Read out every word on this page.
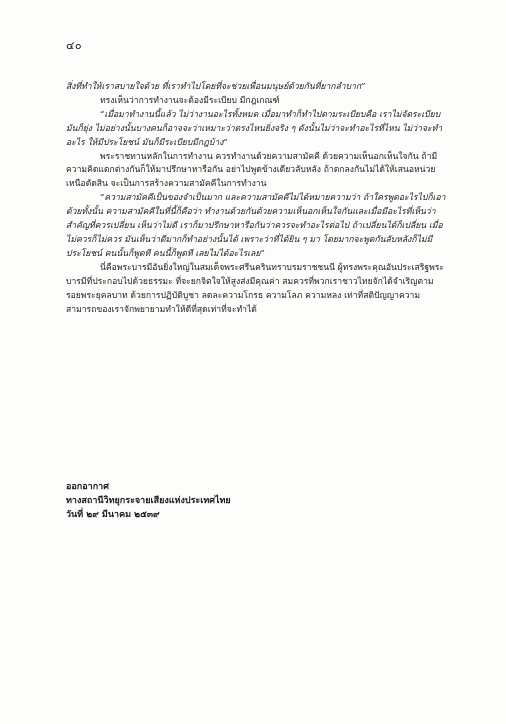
๔๐

สิ่งที่ทำให้เราสบายใจด้วย ที่เราทำไปโดยที่จะช่วยเพื่อนมนุษย์ด้วยกันที่ยากลำบาก”

ทรงเห็นว่าการทำงานจะต้องมีระเบียบ มีกฎเกณฑ์

“เมื่อมาทำงานนี้แล้ว ไม่ว่างานอะไรทั้งหมด เมื่อมาทำก็ทำไปตามระเบียบคือ เราไม่จัดระเบียบมันก็ยุ่ง ไม่อย่างนั้นบางคนก็อาจจะว่าเหมาะว่าตรงไหนยิ่งจริง ๆ ดังนั้นไม่ว่าจะทำอะไรที่ไหน ไม่ว่าจะทำอะไร ให้มีประโยชน์ มันก็มีระเบียบมีกฎบ้าง”

พระราชทานหลักในการทำงาน ควรทำงานด้วยความสามัคคี ด้วยความเห็นอกเห็นใจกัน ถ้ามีความคิดแตกต่างกันก็ให้มาปรึกษาหารือกัน อย่าไปพูดข้างเดียวลับหลัง ถ้าตกลงกันไม่ได้ให้เสนอหน่วยเหนือตัดสิน จะเป็นการสร้างความสามัคคีในการทำงาน

“ความสามัคคีเป็นของจำเป็นมาก และความสามัคคีไม่ได้หมายความว่า ถ้าใครพูดอะไรไปก็เอาด้วยทั้งนั้น ความสามัคคีในที่นี้ก็คือว่า ทำงานด้วยกันด้วยความเห็นอกเห็นใจกันและเมื่อมีอะไรที่เห็นว่าสำคัญที่ควรเปลี่ยน เห็นว่าไม่ดี เราก็มาปรึกษาหารือกันว่าควรจะทำอะไรต่อไป ถ้าเปลี่ยนได้ก็เปลี่ยน เมื่อไม่ควรก็ไม่ควร มันเห็นว่าดีมากก็ทำอย่างนั้นได้ เพราะว่าที่ได้ยิน ๆ มา โดยมากจะพูดกันลับหลังก็ไม่มีประโยชน์ คนนั้นก็พูดที คนนี้ก็พูดที เลยไม่ได้อะไรเลย”

นี่คือพระบารมีอันยิ่งใหญ่ในสมเด็จพระศรีนครินทราบรมราชชนนี ผู้ทรงพระคุณอันประเสริฐพระบารมีที่ประกอบไปด้วยธรรมะ ที่จะยกจิตใจให้สูงส่งมีคุณค่า สมควรที่พวกเราชาวไทยจักได้จำเริญตามรอยพระยุคลบาท ด้วยการปฏิบัติบูชา ลดละความโกรธ ความโลภ ความหลง เท่าที่สติปัญญาความสามารถของเราจักพยายามทำให้ดีที่สุดเท่าที่จะทำได้

ออกอากาศ
ทางสถานีวิทยุกระจายเสียงแห่งประเทศไทย
วันที่ ๒๙ มีนาคม ๒๕๓๙
